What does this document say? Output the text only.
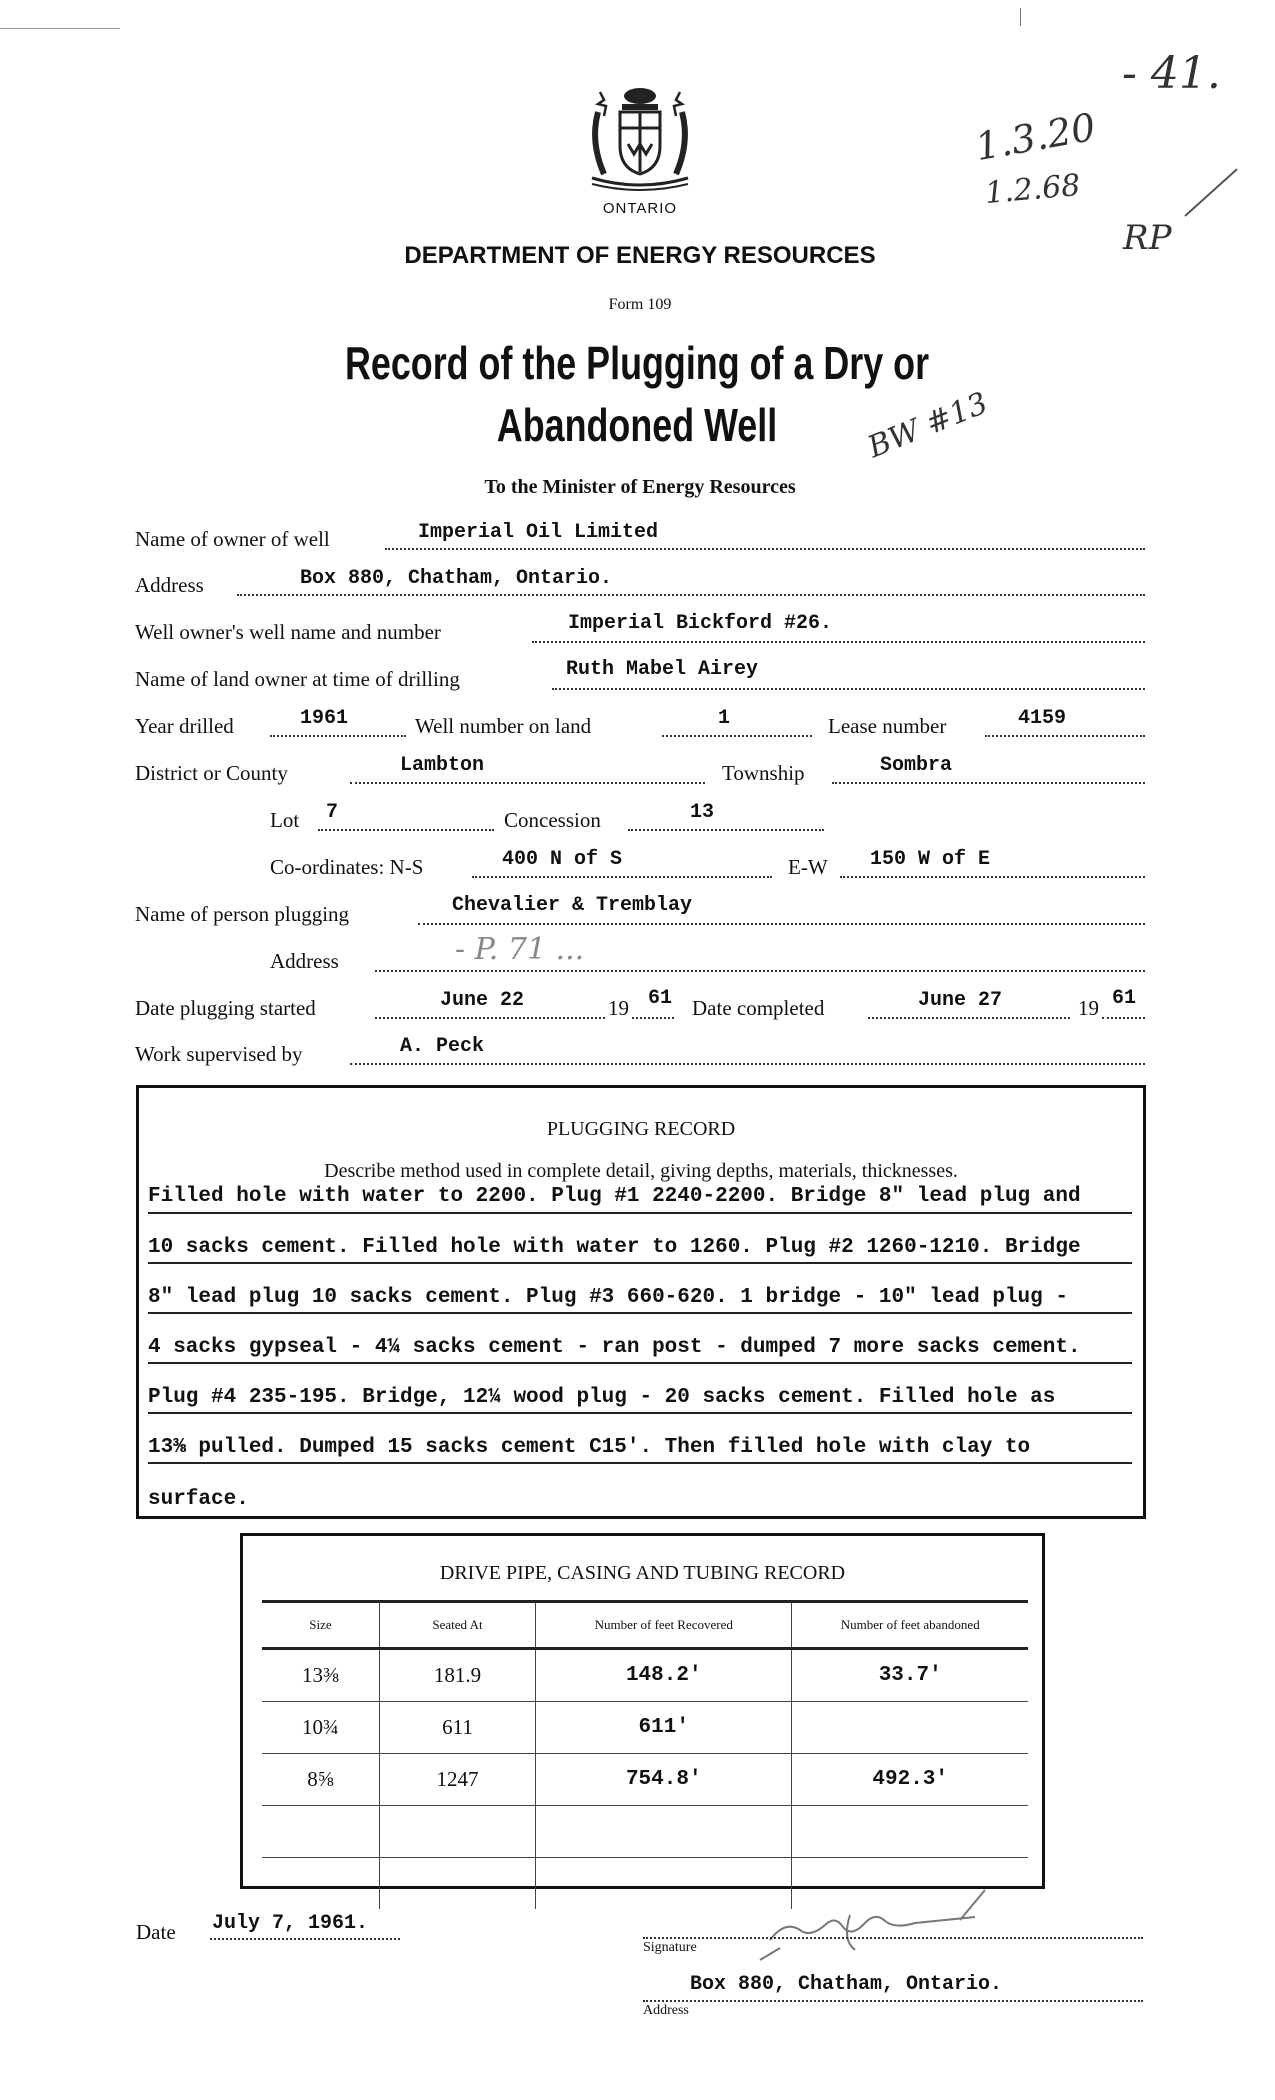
- 41.
1.3.20
1.2.68
RP
BW #13
ONTARIO
DEPARTMENT OF ENERGY RESOURCES
Form 109
Record of the Plugging of a Dry or
Abandoned Well
To the Minister of Energy Resources
Name of owner of well	Imperial Oil Limited
Address	Box 880, Chatham, Ontario.
Well owner's well name and number	Imperial Bickford #26.
Name of land owner at time of drilling	Ruth Mabel Airey
Year drilled	1961	Well number on land	1	Lease number	4159
District or County	Lambton	Township	Sombra
Lot 7	Concession	13
Co-ordinates: N-S	400 N of S	E-W 150 W of E
Name of person plugging	Chevalier & Tremblay
Address	- P. 71 ...
Date plugging started	June 22	19 61 Date completed	June 27	19 61
Work supervised by	A. Peck
PLUGGING RECORD
Describe method used in complete detail, giving depths, materials, thicknesses.
Filled hole with water to 2200. Plug #1 2240-2200. Bridge 8" lead plug and
10 sacks cement. Filled hole with water to 1260. Plug #2 1260-1210. Bridge
8" lead plug 10 sacks cement. Plug #3 660-620. 1 bridge - 10" lead plug -
4 sacks gypseal - 4¼ sacks cement - ran post - dumped 7 more sacks cement.
Plug #4 235-195. Bridge, 12¼ wood plug - 20 sacks cement. Filled hole as
13⅜ pulled. Dumped 15 sacks cement C15'. Then filled hole with clay to
surface.
DRIVE PIPE, CASING AND TUBING RECORD
Size	Seated At	Number of feet Recovered	Number of feet abandoned
13⅜	181.9	148.2'	33.7'
10¾	611	611'	
8⅝	1247	754.8'	492.3'

Date July 7, 1961.
Signature
Box 880, Chatham, Ontario.
Address
